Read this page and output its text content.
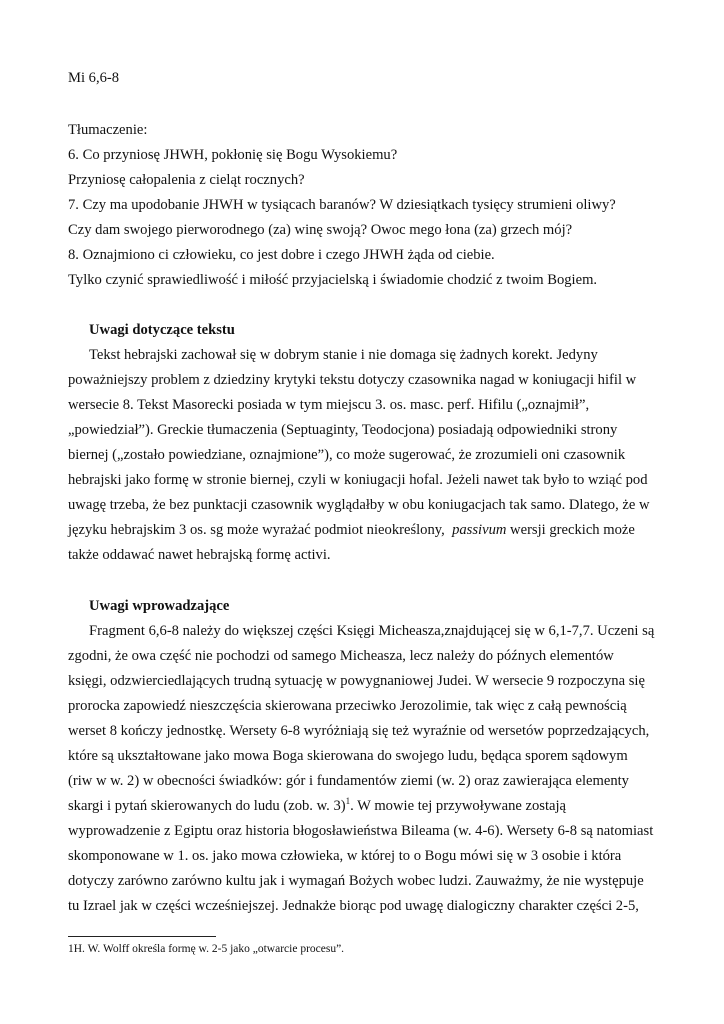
Mi 6,6-8
Tłumaczenie:
6. Co przyniosę JHWH, pokłonię się Bogu Wysokiemu?
Przyniosę całopalenia z cieląt rocznych?
7. Czy ma upodobanie JHWH w tysiącach baranów? W dziesiątkach tysięcy strumieni oliwy?
Czy dam swojego pierworodnego (za) winę swoją? Owoc mego łona (za) grzech mój?
8. Oznajmiono ci człowieku, co jest dobre i czego JHWH żąda od ciebie.
Tylko czynić sprawiedliwość i miłość przyjacielską i świadomie chodzić z twoim Bogiem.
Uwagi dotyczące tekstu
Tekst hebrajski zachował się w dobrym stanie i nie domaga się żadnych korekt. Jedyny
poważniejszy problem z dziedziny krytyki tekstu dotyczy czasownika nagad w koniugacji hifil w
wersecie 8. Tekst Masorecki posiada w tym miejscu 3. os. masc. perf. Hifilu („oznajmił”,
„powiedział”). Greckie tłumaczenia (Septuaginty, Teodocjona) posiadają odpowiedniki strony
biernej („zostało powiedziane, oznajmione”), co może sugerować, że zrozumieli oni czasownik
hebrajski jako formę w stronie biernej, czyli w koniugacji hofal. Jeżeli nawet tak było to wziąć pod
uwagę trzeba, że bez punktacji czasownik wyglądałby w obu koniugacjach tak samo. Dlatego, że w
języku hebrajskim 3 os. sg może wyrażać podmiot nieokreślony,  passivum wersji greckich może
także oddawać nawet hebrajską formę activi.
Uwagi wprowadzające
Fragment 6,6-8 należy do większej części Księgi Micheasza,znajdującej się w 6,1-7,7. Uczeni są
zgodni, że owa część nie pochodzi od samego Micheasza, lecz należy do późnych elementów
księgi, odzwierciedlających trudną sytuację w powygnaniowej Judei. W wersecie 9 rozpoczyna się
prorocka zapowiedź nieszczęścia skierowana przeciwko Jerozolimie, tak więc z całą pewnością
werset 8 kończy jednostkę. Wersety 6-8 wyróżniają się też wyraźnie od wersetów poprzedzających,
które są ukształtowane jako mowa Boga skierowana do swojego ludu, będąca sporem sądowym
(riw w w. 2) w obecności świadków: gór i fundamentów ziemi (w. 2) oraz zawierająca elementy
skargi i pytań skierowanych do ludu (zob. w. 3)$^1$. W mowie tej przywoływane zostają
wyprowadzenie z Egiptu oraz historia błogosławieństwa Bileama (w. 4-6). Wersety 6-8 są natomiast
skomponowane w 1. os. jako mowa człowieka, w której to o Bogu mówi się w 3 osobie i która
dotyczy zarówno zarówno kultu jak i wymagań Bożych wobec ludzi. Zauważmy, że nie występuje
tu Izrael jak w części wcześniejszej. Jednakże biorąc pod uwagę dialogiczny charakter części 2-5,
1H. W. Wolff określa formę w. 2-5 jako „otwarcie procesu”.
